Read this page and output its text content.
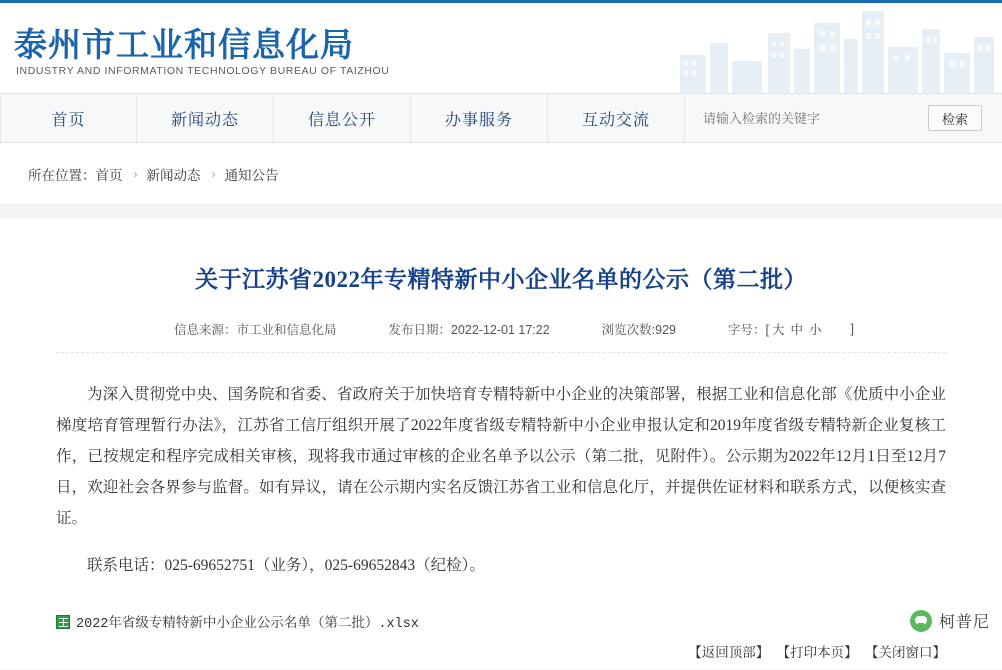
泰州市工业和信息化局
INDUSTRY AND INFORMATION TECHNOLOGY BUREAU OF TAIZHOU
首页	新闻动态	信息公开	办事服务	互动交流
请输入检索的关键字	检索
所在位置： 首页 › 新闻动态 › 通知公告
关于江苏省2022年专精特新中小企业名单的公示（第二批）
信息来源：市工业和信息化局	发布日期：2022-12-01 17:22	浏览次数:929	字号：[ 大 中 小 ]

为深入贯彻党中央、国务院和省委、省政府关于加快培育专精特新中小企业的决策部署，根据工业和信息化部《优质中小企业梯度培育管理暂行办法》，江苏省工信厅组织开展了2022年度省级专精特新中小企业申报认定和2019年度省级专精特新企业复核工作，已按规定和程序完成相关审核，现将我市通过审核的企业名单予以公示（第二批，见附件）。公示期为2022年12月1日至12月7日，欢迎社会各界参与监督。如有异议，请在公示期内实名反馈江苏省工业和信息化厅，并提供佐证材料和联系方式，以便核实查证。

联系电话：025-69652751（业务），025-69652843（纪检）。

2022年省级专精特新中小企业公示名单（第二批）.xlsx
【返回顶部】 【打印本页】 【关闭窗口】
柯普尼
